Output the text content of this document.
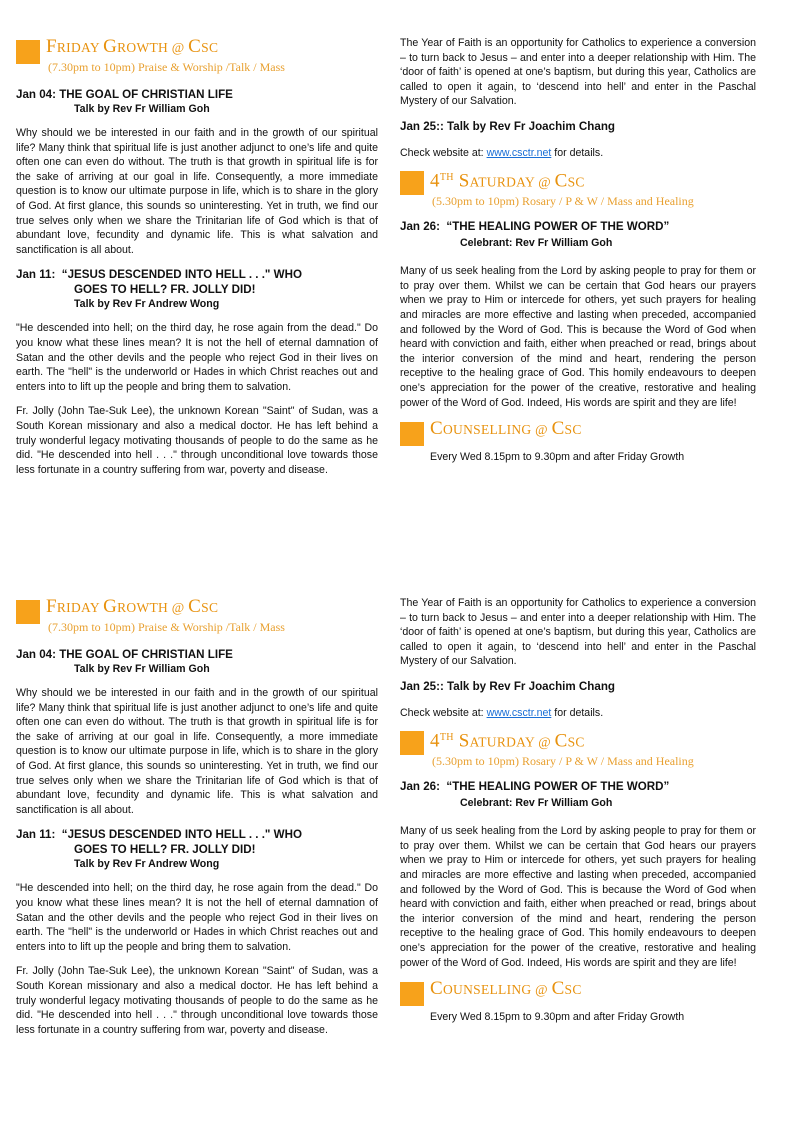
FRIDAY GROWTH @ CSC
(7.30pm to 10pm) Praise & Worship /Talk / Mass
Jan 04: THE GOAL OF CHRISTIAN LIFE
Talk by Rev Fr William Goh

Why should we be interested in our faith and in the growth of our spiritual life? Many think that spiritual life is just another adjunct to one’s life and quite often one can even do without. The truth is that growth in spiritual life is for the sake of arriving at our goal in life. Consequently, a more immediate question is to know our ultimate purpose in life, which is to share in the glory of God. At first glance, this sounds so uninteresting. Yet in truth, we find our true selves only when we share the Trinitarian life of God which is that of abundant love, fecundity and dynamic life. This is what salvation and sanctification is all about.

Jan 11: “JESUS DESCENDED INTO HELL . . ." WHO
GOES TO HELL? FR. JOLLY DID!
Talk by Rev Fr Andrew Wong

"He descended into hell; on the third day, he rose again from the dead." Do you know what these lines mean? It is not the hell of eternal damnation of Satan and the other devils and the people who reject God in their lives on earth. The "hell" is the underworld or Hades in which Christ reaches out and enters into to lift up the people and bring them to salvation.

Fr. Jolly (John Tae-Suk Lee), the unknown Korean "Saint" of Sudan, was a South Korean missionary and also a medical doctor. He has left behind a truly wonderful legacy motivating thousands of people to do the same as he did. "He descended into hell . . ." through unconditional love towards those less fortunate in a country suffering from war, poverty and disease.

The Year of Faith is an opportunity for Catholics to experience a conversion – to turn back to Jesus – and enter into a deeper relationship with Him. The ‘door of faith’ is opened at one’s baptism, but during this year, Catholics are called to open it again, to ‘descend into hell’ and enter in the Paschal Mystery of our Salvation.

Jan 25:: Talk by Rev Fr Joachim Chang
Check website at: www.csctr.net for details.
4TH SATURDAY @ CSC
(5.30pm to 10pm) Rosary / P & W / Mass and Healing
Jan 26: “THE HEALING POWER OF THE WORD”
Celebrant: Rev Fr William Goh

Many of us seek healing from the Lord by asking people to pray for them or to pray over them. Whilst we can be certain that God hears our prayers when we pray to Him or intercede for others, yet such prayers for healing and miracles are more effective and lasting when preceded, accompanied and followed by the Word of God. This is because the Word of God when heard with conviction and faith, either when preached or read, brings about the interior conversion of the mind and heart, rendering the person receptive to the healing grace of God. This homily endeavours to deepen one’s appreciation for the power of the creative, restorative and healing power of the Word of God. Indeed, His words are spirit and they are life!

COUNSELLING @ CSC
Every Wed 8.15pm to 9.30pm and after Friday Growth
FRIDAY GROWTH @ CSC
(7.30pm to 10pm) Praise & Worship /Talk / Mass
Jan 04: THE GOAL OF CHRISTIAN LIFE
Talk by Rev Fr William Goh

Why should we be interested in our faith and in the growth of our spiritual life? Many think that spiritual life is just another adjunct to one’s life and quite often one can even do without. The truth is that growth in spiritual life is for the sake of arriving at our goal in life. Consequently, a more immediate question is to know our ultimate purpose in life, which is to share in the glory of God. At first glance, this sounds so uninteresting. Yet in truth, we find our true selves only when we share the Trinitarian life of God which is that of abundant love, fecundity and dynamic life. This is what salvation and sanctification is all about.

Jan 11: “JESUS DESCENDED INTO HELL . . ." WHO
GOES TO HELL? FR. JOLLY DID!
Talk by Rev Fr Andrew Wong

"He descended into hell; on the third day, he rose again from the dead." Do you know what these lines mean? It is not the hell of eternal damnation of Satan and the other devils and the people who reject God in their lives on earth. The "hell" is the underworld or Hades in which Christ reaches out and enters into to lift up the people and bring them to salvation.

Fr. Jolly (John Tae-Suk Lee), the unknown Korean "Saint" of Sudan, was a South Korean missionary and also a medical doctor. He has left behind a truly wonderful legacy motivating thousands of people to do the same as he did. "He descended into hell . . ." through unconditional love towards those less fortunate in a country suffering from war, poverty and disease.

The Year of Faith is an opportunity for Catholics to experience a conversion – to turn back to Jesus – and enter into a deeper relationship with Him. The ‘door of faith’ is opened at one’s baptism, but during this year, Catholics are called to open it again, to ‘descend into hell’ and enter in the Paschal Mystery of our Salvation.

Jan 25:: Talk by Rev Fr Joachim Chang
Check website at: www.csctr.net for details.
4TH SATURDAY @ CSC
(5.30pm to 10pm) Rosary / P & W / Mass and Healing
Jan 26: “THE HEALING POWER OF THE WORD”
Celebrant: Rev Fr William Goh

Many of us seek healing from the Lord by asking people to pray for them or to pray over them. Whilst we can be certain that God hears our prayers when we pray to Him or intercede for others, yet such prayers for healing and miracles are more effective and lasting when preceded, accompanied and followed by the Word of God. This is because the Word of God when heard with conviction and faith, either when preached or read, brings about the interior conversion of the mind and heart, rendering the person receptive to the healing grace of God. This homily endeavours to deepen one’s appreciation for the power of the creative, restorative and healing power of the Word of God. Indeed, His words are spirit and they are life!

COUNSELLING @ CSC
Every Wed 8.15pm to 9.30pm and after Friday Growth
